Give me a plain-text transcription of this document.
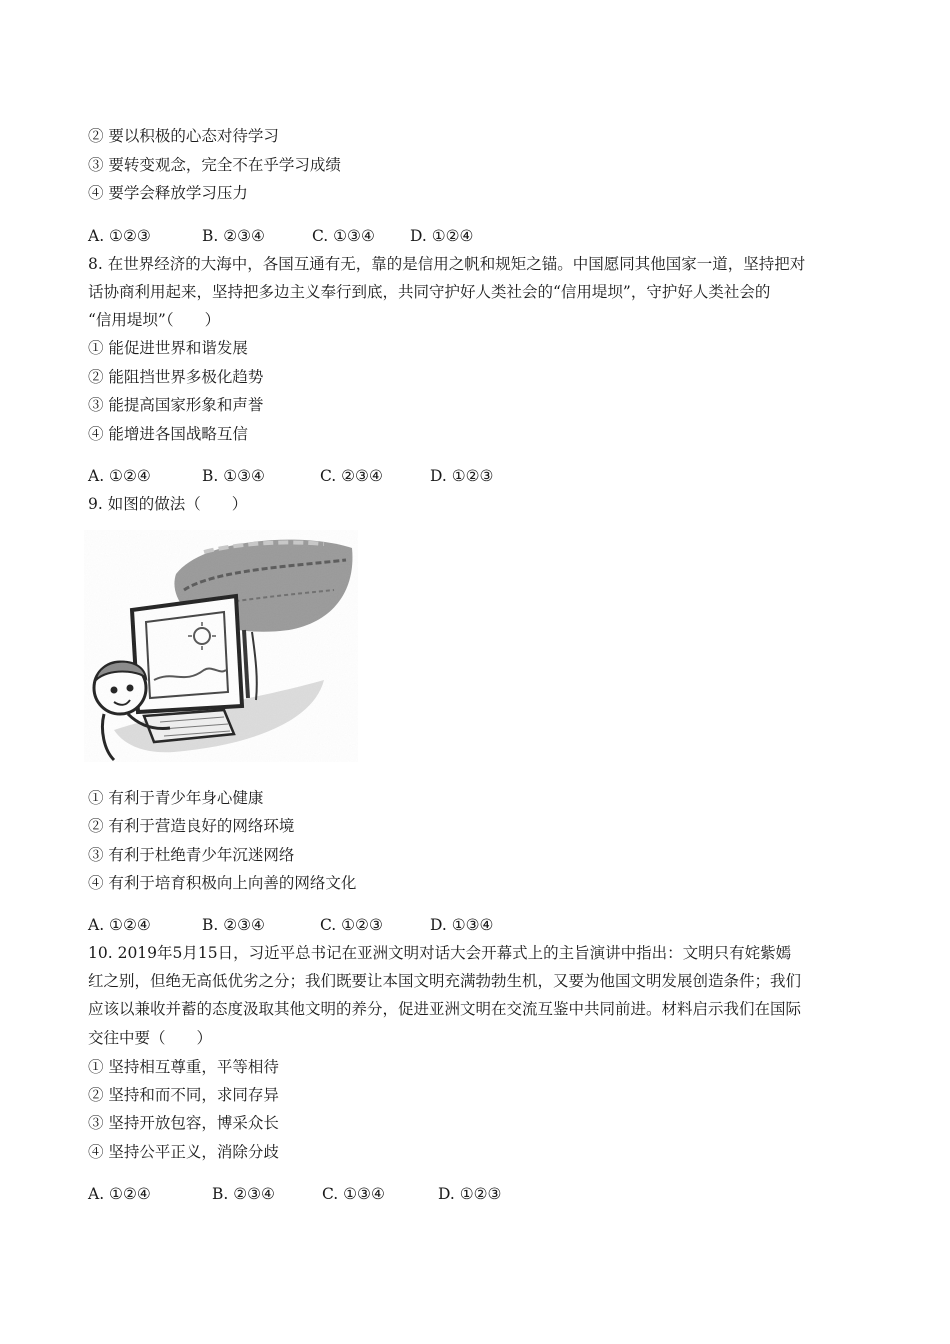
② 要以积极的心态对待学习
③ 要转变观念，完全不在乎学习成绩
④ 要学会释放学习压力
A. ①②③	B. ②③④	C. ①③④ D. ①②④
8. 在世界经济的大海中，各国互通有无，靠的是信用之帆和规矩之锚。中国愿同其他国家一道，坚持把对
话协商利用起来，坚持把多边主义奉行到底，共同守护好人类社会的“信用堤坝”，守护好人类社会的
“信用堤坝”（　　）
① 能促进世界和谐发展
② 能阻挡世界多极化趋势
③ 能提高国家形象和声誉
④ 能增进各国战略互信
A. ①②④	B. ①③④	C. ②③④	D. ①②③
9. 如图的做法（　　）
① 有利于青少年身心健康
② 有利于营造良好的网络环境
③ 有利于杜绝青少年沉迷网络
④ 有利于培育积极向上向善的网络文化
A. ①②④	B. ②③④	C. ①②③	D. ①③④
10. 2019年5月15日，习近平总书记在亚洲文明对话大会开幕式上的主旨演讲中指出：文明只有姹紫嫣
红之别，但绝无高低优劣之分；我们既要让本国文明充满勃勃生机，又要为他国文明发展创造条件；我们
应该以兼收并蓄的态度汲取其他文明的养分，促进亚洲文明在交流互鉴中共同前进。材料启示我们在国际
交往中要（　　）
① 坚持相互尊重，平等相待
② 坚持和而不同，求同存异
③ 坚持开放包容，博采众长
④ 坚持公平正义，消除分歧
A. ①②④	B. ②③④	C. ①③④	D. ①②③
